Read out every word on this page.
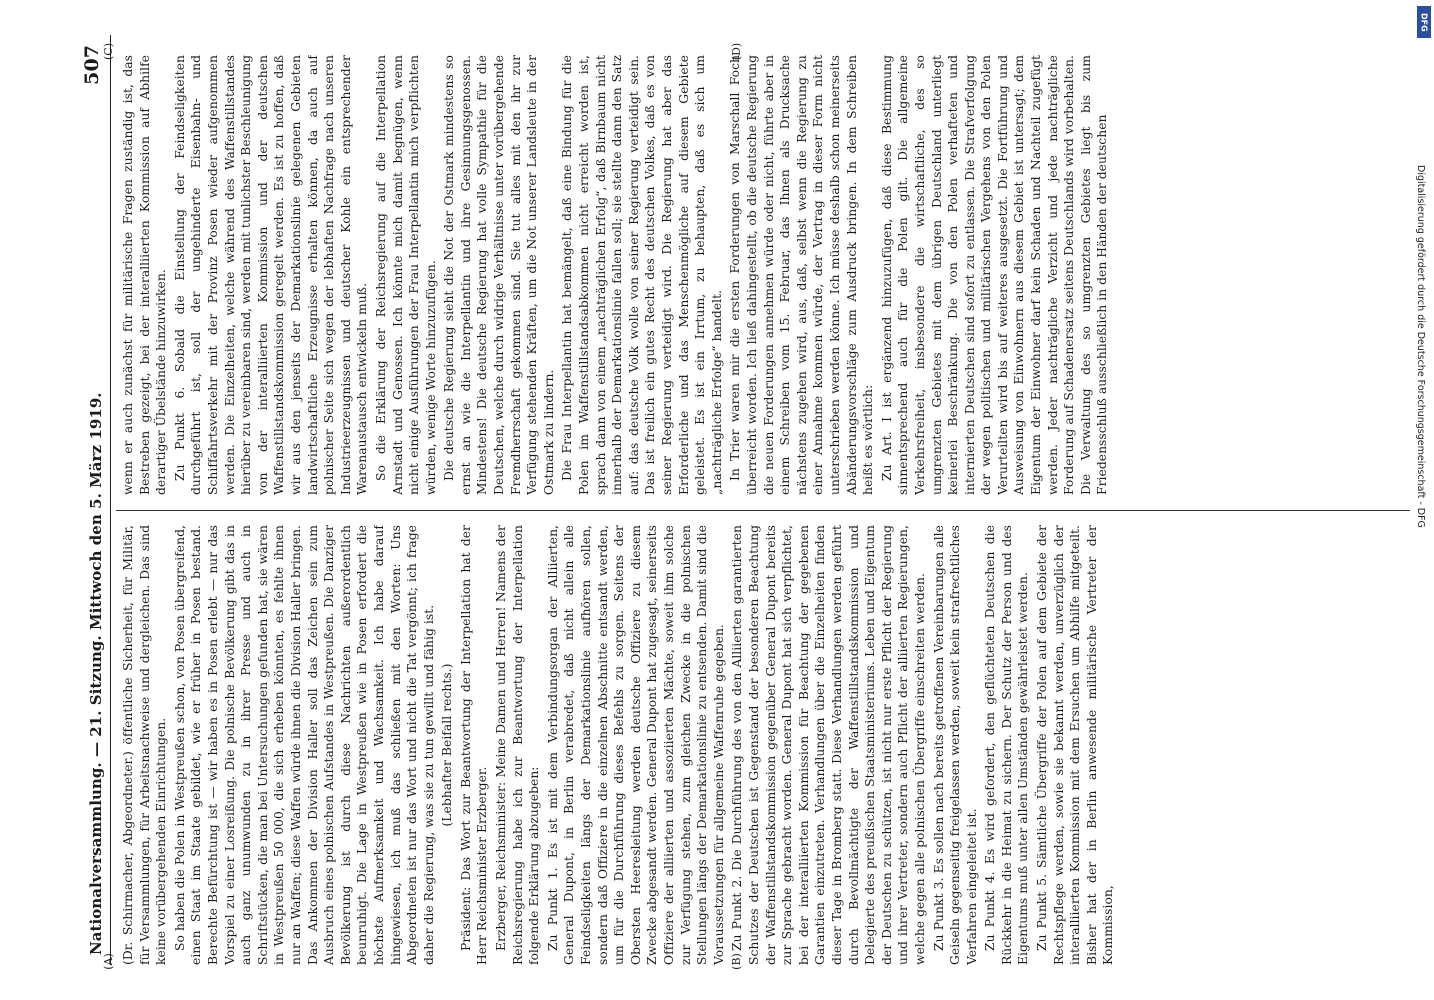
Nationalversammlung. — 21. Sitzung. Mittwoch den 5. März 1919.
507

(Dr. Schirmacher, Abgeordneter.) öffentliche Sicherheit, für Militär, für Versammlungen, für Arbeitsnachweise und dergleichen. Das sind keine vorübergehenden Einrichtungen. So haben die Polen in Westpreußen schon, von Posen übergreifend, einen Staat im Staate gebildet, wie er früher in Posen bestand. Berechte Befürchtung ist — wir haben es in Posen erlebt — nur das Vorspiel zu einer Losreißung. Die polnische Bevölkerung gibt das in auch ganz unumwunden zu in ihrer Presse und auch in Schriftstücken, die man bei Untersuchungen gefunden hat, sie wären in Westpreußen 50 000, die sich erheben könnten, es fehlte ihnen nur an Waffen; diese Waffen würde ihnen die Division Haller bringen. Das Ankommen der Division Haller soll das Zeichen sein zum Ausbruch eines polnischen Aufstandes in Westpreußen. Die Danziger Bevölkerung ist durch diese Nachrichten außerordentlich beunruhigt. Die Lage in Westpreußen wie in Posen erfordert die höchste Aufmerksamkeit und Wachsamkeit. Ich habe darauf hingewiesen, ich muß das schließen mit den Worten: Uns Abgeordneten ist nur das Wort und nicht die Tat vergönnt; ich frage daher die Regierung, was sie zu tun gewillt und fähig ist. (Lebhafter Beifall rechts.) Präsident: Das Wort zur Beantwortung der Interpellation hat der Herr Reichsminister Erzberger. Erzberger, Reichsminister: Meine Damen und Herren! Namens der Reichsregierung habe ich zur Beantwortung der Interpellation folgende Erklärung abzugeben: Zu Punkt 1. Es ist mit dem Verbindungsorgan der Alliierten, General Dupont, in Berlin verabredet, daß nicht allein alle Feindseligkeiten längs der Demarkationslinie aufhören sollen, sondern daß Offiziere in die einzelnen Abschnitte entsandt werden, um für die Durchführung dieses Befehls zu sorgen. Seitens der Obersten Heeresleitung werden deutsche Offiziere zu diesem Zwecke abgesandt werden. General Dupont hat zugesagt, seinerseits Offiziere der alliierten und assoziierten Mächte, soweit ihm solche zur Verfügung stehen, zum gleichen Zwecke in die polnischen Stellungen längs der Demarkationslinie zu entsenden. Damit sind die Voraussetzungen für allgemeine Waffenruhe gegeben. Zu Punkt 2. Die Durchführung des von den Alliierten garantierten Schutzes der Deutschen ist Gegenstand der besonderen Beachtung der Waffenstillstandskommission gegenüber General Dupont bereits zur Sprache gebracht worden. General Dupont hat sich verpflichtet, bei der interalliierten Kommission für Beachtung der gegebenen Garantien einzutreten. Verhandlungen über die Einzelheiten finden dieser Tage in Bromberg statt. Diese Verhandlungen werden geführt durch Bevollmächtigte der Waffenstillstandskommission und Delegierte des preußischen Staatsministeriums. Leben und Eigentum der Deutschen zu schützen, ist nicht nur erste Pflicht der Regierung und ihrer Vertreter, sondern auch Pflicht der alliierten Regierungen, welche gegen alle polnischen Übergriffe einschreiten werden. Zu Punkt 3. Es sollen nach bereits getroffenen Vereinbarungen alle Geiseln gegenseitig freigelassen werden, soweit kein strafrechtliches Verfahren eingeleitet ist. Zu Punkt 4. Es wird gefordert, den geflüchteten Deutschen die Rückkehr in die Heimat zu sichern. Der Schutz der Person und des Eigentums muß unter allen Umständen gewährleistet werden. Zu Punkt 5. Sämtliche Übergriffe der Polen auf dem Gebiete der Rechtspflege werden, sowie sie bekannt werden, unverzüglich der interalliierten Kommission mit dem Ersuchen um Abhilfe mitgeteilt. Bisher hat der in Berlin anwesende militärische Vertreter der Kommission,

wenn er auch zunächst für militärische Fragen zuständig ist, das Bestreben gezeigt, bei der interalliierten Kommission auf Abhilfe derartiger Übelstände hinzuwirken. Zu Punkt 6. Sobald die Einstellung der Feindseligkeiten durchgeführt ist, soll der ungehinderte Eisenbahn- und Schiffahrtsverkehr mit der Provinz Posen wieder aufgenommen werden. Die Einzelheiten, welche während des Waffenstillstandes hierüber zu vereinbaren sind, werden mit tunlichster Beschleunigung von der interalliierten Kommission und der deutschen Waffenstillstandskommission geregelt werden. Es ist zu hoffen, daß wir aus den jenseits der Demarkationslinie gelegenen Gebieten landwirtschaftliche Erzeugnisse erhalten können, da auch auf polnischer Seite sich wegen der lebhaften Nachfrage nach unseren Industrieerzeugnissen und deutscher Kohle ein entsprechender Warenaustausch entwickeln muß. So die Erklärung der Reichsregierung auf die Interpellation Arnstadt und Genossen. Ich könnte mich damit begnügen, wenn nicht einige Ausführungen der Frau Interpellantin mich verpflichten würden, wenige Worte hinzuzufügen. Die deutsche Regierung sieht die Not der Ostmark mindestens so ernst an wie die Interpellantin und ihre Gesinnungsgenossen. Mindestens! Die deutsche Regierung hat volle Sympathie für die Deutschen, welche durch widrige Verhältnisse unter vorübergehende Fremdherrschaft gekommen sind. Sie tut alles mit den ihr zur Verfügung stehenden Kräften, um die Not unserer Landsleute in der Ostmark zu lindern. Die Frau Interpellantin hat bemängelt, daß eine Bindung für die Polen im Waffenstillstandsabkommen nicht erreicht worden ist, sprach dann von einem „nachträglichen Erfolg“, daß Birnbaum nicht innerhalb der Demarkationslinie fallen soll; sie stellte dann den Satz auf: das deutsche Volk wolle von seiner Regierung verteidigt sein. Das ist freilich ein gutes Recht des deutschen Volkes, daß es von seiner Regierung verteidigt wird. Die Regierung hat aber das Erforderliche und das Menschenmögliche auf diesem Gebiete geleistet. Es ist ein Irrtum, zu behaupten, daß es sich um „nachträgliche Erfolge“ handelt. In Trier waren mir die ersten Forderungen von Marschall Foch überreicht worden. Ich ließ dahingestellt, ob die deutsche Regierung die neuen Forderungen annehmen würde oder nicht, führte aber in einem Schreiben vom 15. Februar, das Ihnen als Drucksache nächstens zugehen wird, aus, daß, selbst wenn die Regierung zu einer Annahme kommen würde, der Vertrag in dieser Form nicht unterschrieben werden könne. Ich müsse deshalb schon meinerseits Abänderungsvorschläge zum Ausdruck bringen. In dem Schreiben heißt es wörtlich: Zu Art. I ist ergänzend hinzuzufügen, daß diese Bestimmung sinnentsprechend auch für die Polen gilt. Die allgemeine Verkehrsfreiheit, insbesondere die wirtschaftliche, des so umgrenzten Gebietes mit dem übrigen Deutschland unterliegt keinerlei Beschränkung. Die von den Polen verhafteten und internierten Deutschen sind sofort zu entlassen. Die Strafverfolgung der wegen politischen und militärischen Vergehens von den Polen Verurteilten wird bis auf weiteres ausgesetzt. Die Fortführung und Ausweisung von Einwohnern aus diesem Gebiet ist untersagt; dem Eigentum der Einwohner darf kein Schaden und Nachteil zugefügt werden. Jeder nachträgliche Verzicht und jede nachträgliche Forderung auf Schadenersatz seitens Deutschlands wird vorbehalten. Die Verwaltung des so umgrenzten Gebietes liegt bis zum Friedensschluß ausschließlich in den Händen der deutschen

(A)	(B)
(C)	(D)
DFG
Digitalisierung gefördert durch die Deutsche Forschungsgemeinschaft - DFG
